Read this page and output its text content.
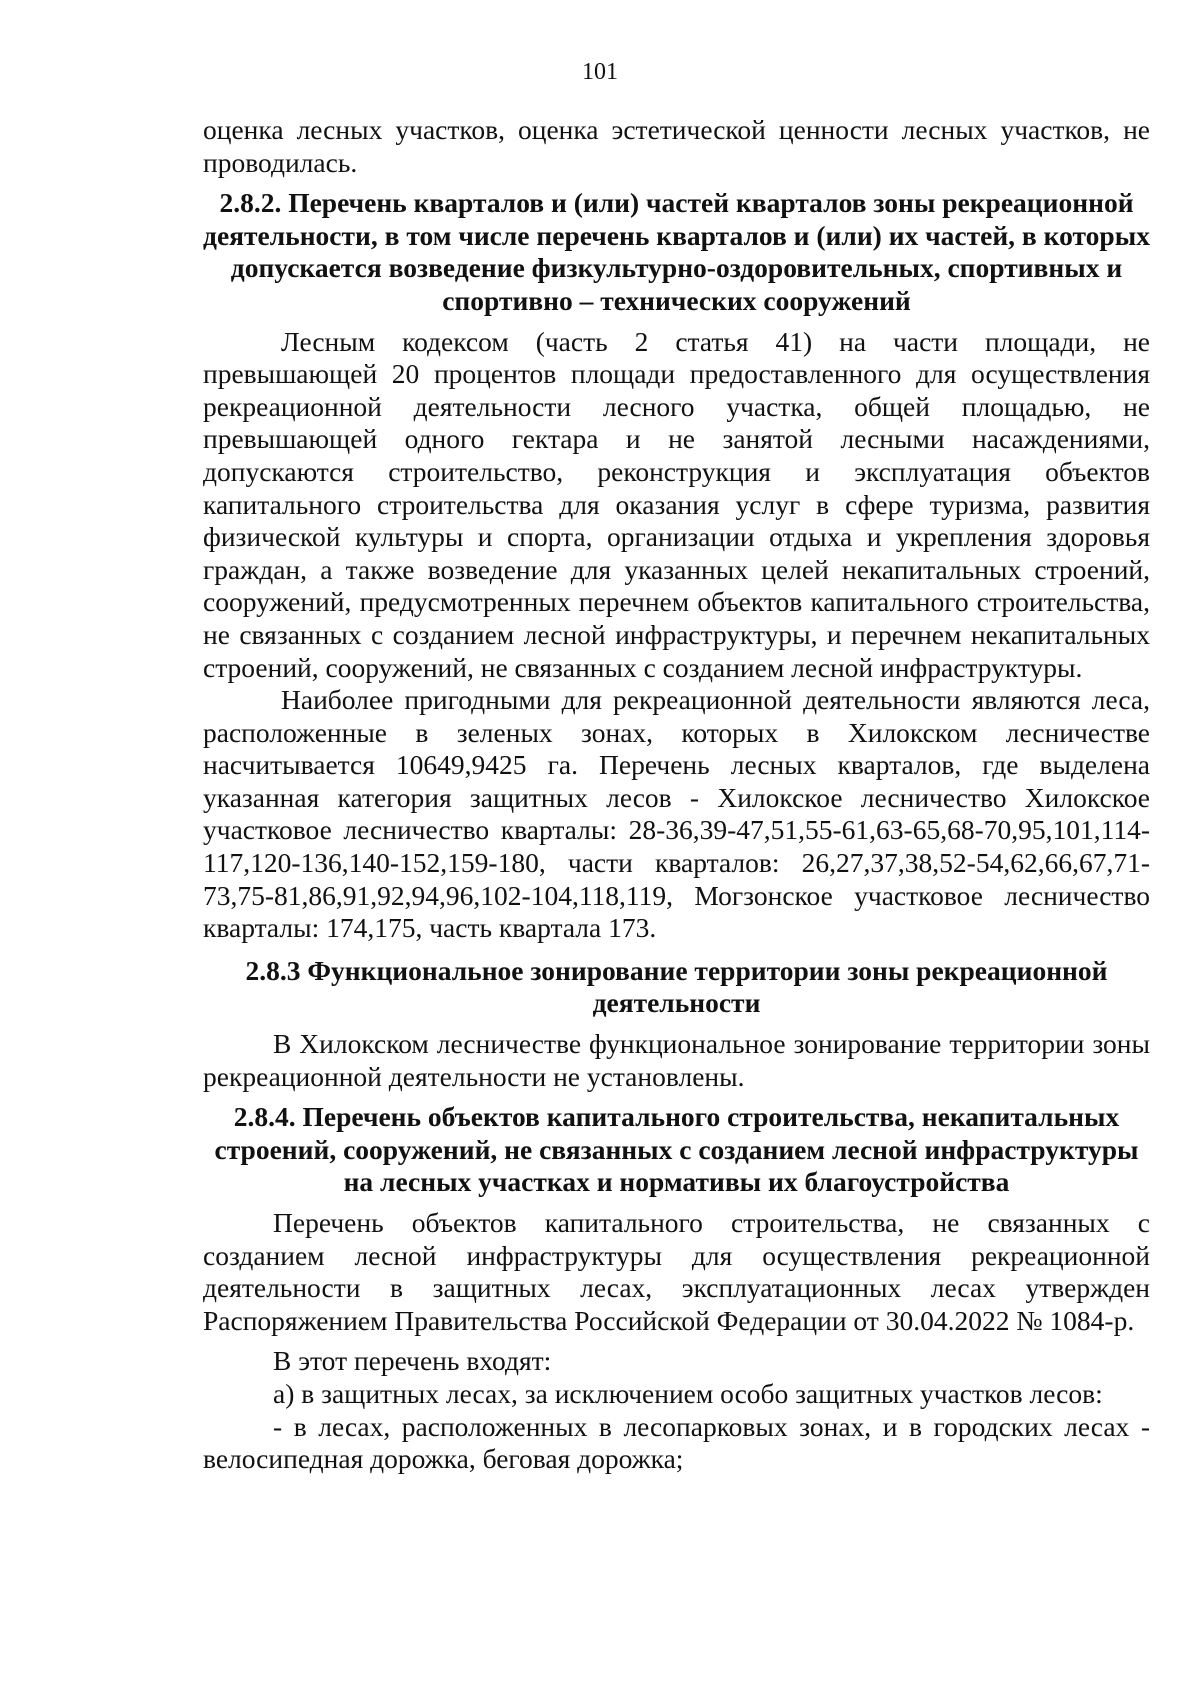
101

оценка лесных участков, оценка эстетической ценности лесных участков, не проводилась.

2.8.2. Перечень кварталов и (или) частей кварталов зоны рекреационной деятельности, в том числе перечень кварталов и (или) их частей, в которых допускается возведение физкультурно-оздоровительных, спортивных и спортивно – технических сооружений

Лесным кодексом (часть 2 статья 41) на части площади, не превышающей 20 процентов площади предоставленного для осуществления рекреационной деятельности лесного участка, общей площадью, не превышающей одного гектара и не занятой лесными насаждениями, допускаются строительство, реконструкция и эксплуатация объектов капитального строительства для оказания услуг в сфере туризма, развития физической культуры и спорта, организации отдыха и укрепления здоровья граждан, а также возведение для указанных целей некапитальных строений, сооружений, предусмотренных перечнем объектов капитального строительства, не связанных с созданием лесной инфраструктуры, и перечнем некапитальных строений, сооружений, не связанных с созданием лесной инфраструктуры.

Наиболее пригодными для рекреационной деятельности являются леса, расположенные в зеленых зонах, которых в Хилокском лесничестве насчитывается 10649,9425 га. Перечень лесных кварталов, где выделена указанная категория защитных лесов - Хилокское лесничество Хилокское участковое лесничество кварталы: 28-36,39-47,51,55-61,63-65,68-70,95,101,114-117,120-136,140-152,159-180, части кварталов: 26,27,37,38,52-54,62,66,67,71-73,75-81,86,91,92,94,96,102-104,118,119, Могзонское участковое лесничество кварталы: 174,175, часть квартала 173.

2.8.3 Функциональное зонирование территории зоны рекреационной деятельности

В Хилокском лесничестве функциональное зонирование территории зоны рекреационной деятельности не установлены.

2.8.4. Перечень объектов капитального строительства, некапитальных строений, сооружений, не связанных с созданием лесной инфраструктуры на лесных участках и нормативы их благоустройства

Перечень объектов капитального строительства, не связанных с созданием лесной инфраструктуры для осуществления рекреационной деятельности в защитных лесах, эксплуатационных лесах утвержден Распоряжением Правительства Российской Федерации от 30.04.2022 № 1084-р.

В этот перечень входят:

а) в защитных лесах, за исключением особо защитных участков лесов:

- в лесах, расположенных в лесопарковых зонах, и в городских лесах - велосипедная дорожка, беговая дорожка;
